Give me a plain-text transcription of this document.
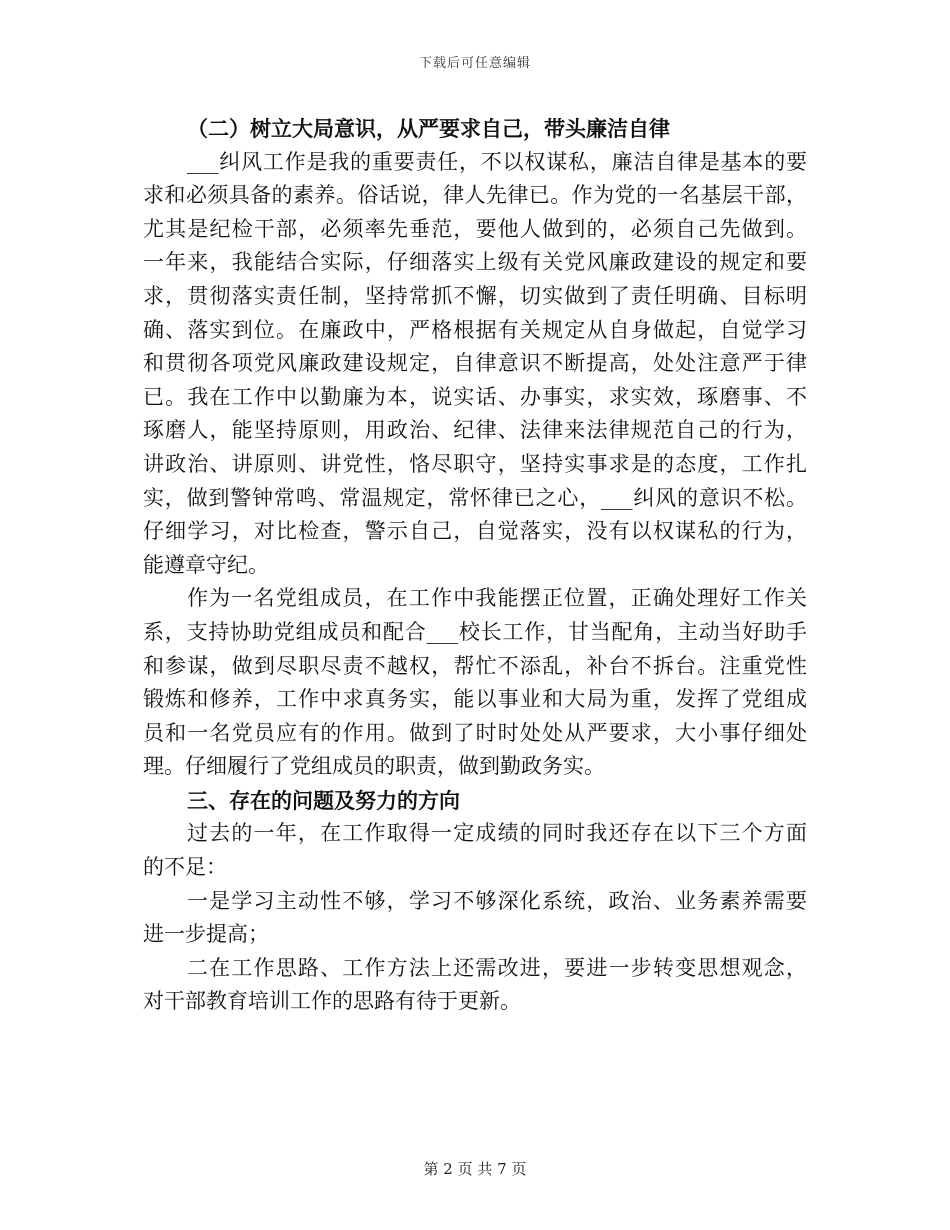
下载后可任意编辑
（二）树立大局意识，从严要求自己，带头廉洁自律
___纠风工作是我的重要责任，不以权谋私，廉洁自律是基本的要
求和必须具备的素养。俗话说，律人先律已。作为党的一名基层干部，
尤其是纪检干部，必须率先垂范，要他人做到的，必须自己先做到。
一年来，我能结合实际，仔细落实上级有关党风廉政建设的规定和要
求，贯彻落实责任制，坚持常抓不懈，切实做到了责任明确、目标明
确、落实到位。在廉政中，严格根据有关规定从自身做起，自觉学习
和贯彻各项党风廉政建设规定，自律意识不断提高，处处注意严于律
已。我在工作中以勤廉为本，说实话、办事实，求实效，琢磨事、不
琢磨人，能坚持原则，用政治、纪律、法律来法律规范自己的行为，
讲政治、讲原则、讲党性，恪尽职守，坚持实事求是的态度，工作扎
实，做到警钟常鸣、常温规定，常怀律已之心，___纠风的意识不松。
仔细学习，对比检查，警示自己，自觉落实，没有以权谋私的行为，
能遵章守纪。
作为一名党组成员，在工作中我能摆正位置，正确处理好工作关
系，支持协助党组成员和配合___校长工作，甘当配角，主动当好助手
和参谋，做到尽职尽责不越权，帮忙不添乱，补台不拆台。注重党性
锻炼和修养，工作中求真务实，能以事业和大局为重，发挥了党组成
员和一名党员应有的作用。做到了时时处处从严要求，大小事仔细处
理。仔细履行了党组成员的职责，做到勤政务实。
三、存在的问题及努力的方向
过去的一年，在工作取得一定成绩的同时我还存在以下三个方面
的不足：
一是学习主动性不够，学习不够深化系统，政治、业务素养需要
进一步提高；
二在工作思路、工作方法上还需改进，要进一步转变思想观念，
对干部教育培训工作的思路有待于更新。
第 2 页 共 7 页
